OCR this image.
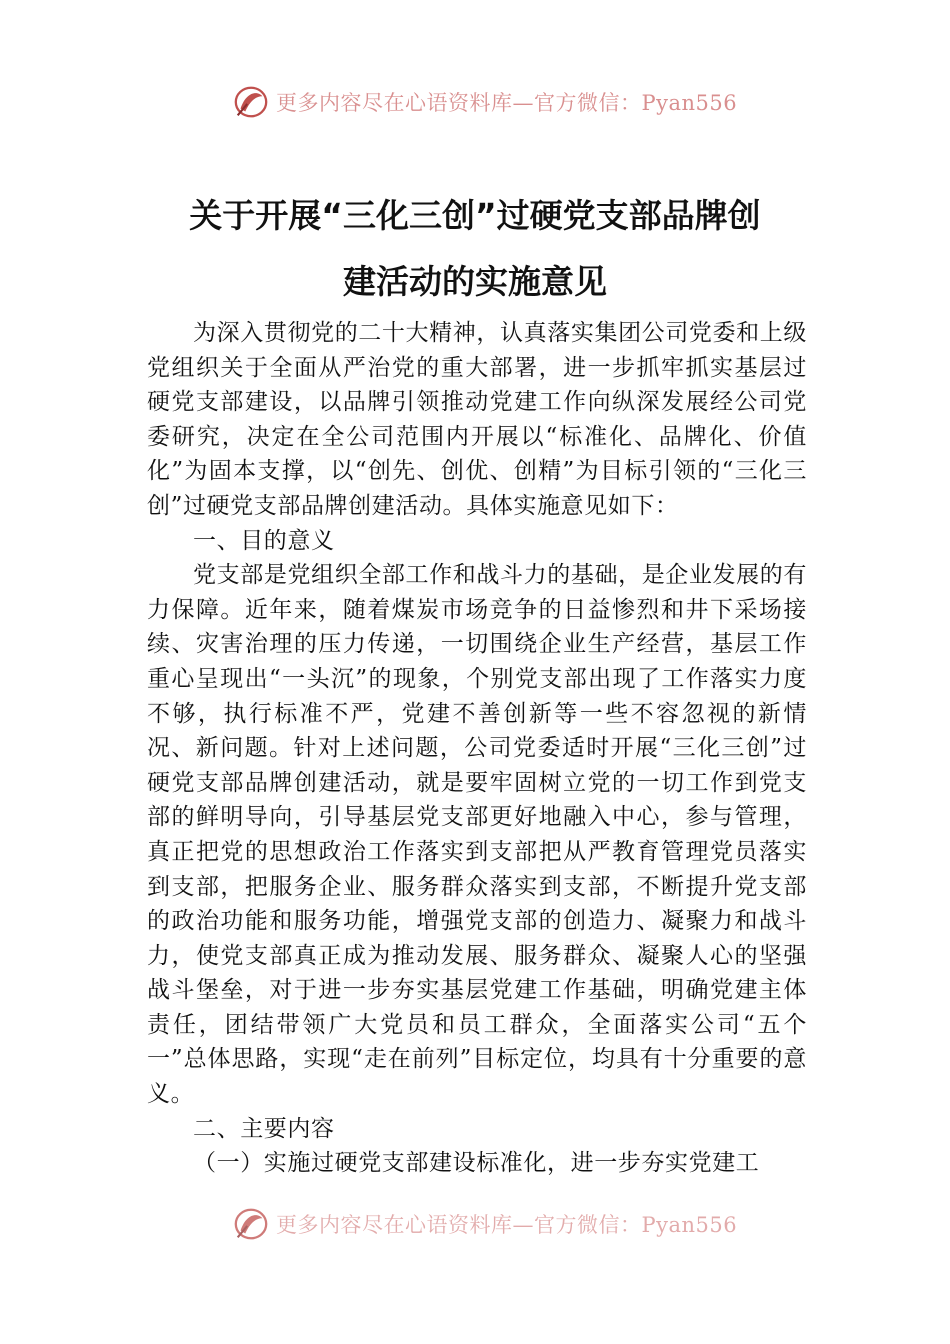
更多内容尽在心语资料库—官方微信：Pyan556
关于开展“三化三创”过硬党支部品牌创
建活动的实施意见

为深入贯彻党的二十大精神，认真落实集团公司党委和上级党组织关于全面从严治党的重大部署，进一步抓牢抓实基层过硬党支部建设，以品牌引领推动党建工作向纵深发展经公司党委研究，决定在全公司范围内开展以“标准化、品牌化、价值化”为固本支撑，以“创先、创优、创精”为目标引领的“三化三创”过硬党支部品牌创建活动。具体实施意见如下：

一、目的意义

党支部是党组织全部工作和战斗力的基础，是企业发展的有力保障。近年来，随着煤炭市场竞争的日益惨烈和井下采场接续、灾害治理的压力传递，一切围绕企业生产经营，基层工作重心呈现出“一头沉”的现象，个别党支部出现了工作落实力度不够，执行标准不严，党建不善创新等一些不容忽视的新情况、新问题。针对上述问题，公司党委适时开展“三化三创”过硬党支部品牌创建活动，就是要牢固树立党的一切工作到党支部的鲜明导向，引导基层党支部更好地融入中心，参与管理，真正把党的思想政治工作落实到支部把从严教育管理党员落实到支部，把服务企业、服务群众落实到支部，不断提升党支部的政治功能和服务功能，增强党支部的创造力、凝聚力和战斗力，使党支部真正成为推动发展、服务群众、凝聚人心的坚强战斗堡垒，对于进一步夯实基层党建工作基础，明确党建主体责任，团结带领广大党员和员工群众，全面落实公司“五个一”总体思路，实现“走在前列”目标定位，均具有十分重要的意义。

二、主要内容

（一）实施过硬党支部建设标准化，进一步夯实党建工

更多内容尽在心语资料库—官方微信：Pyan556
